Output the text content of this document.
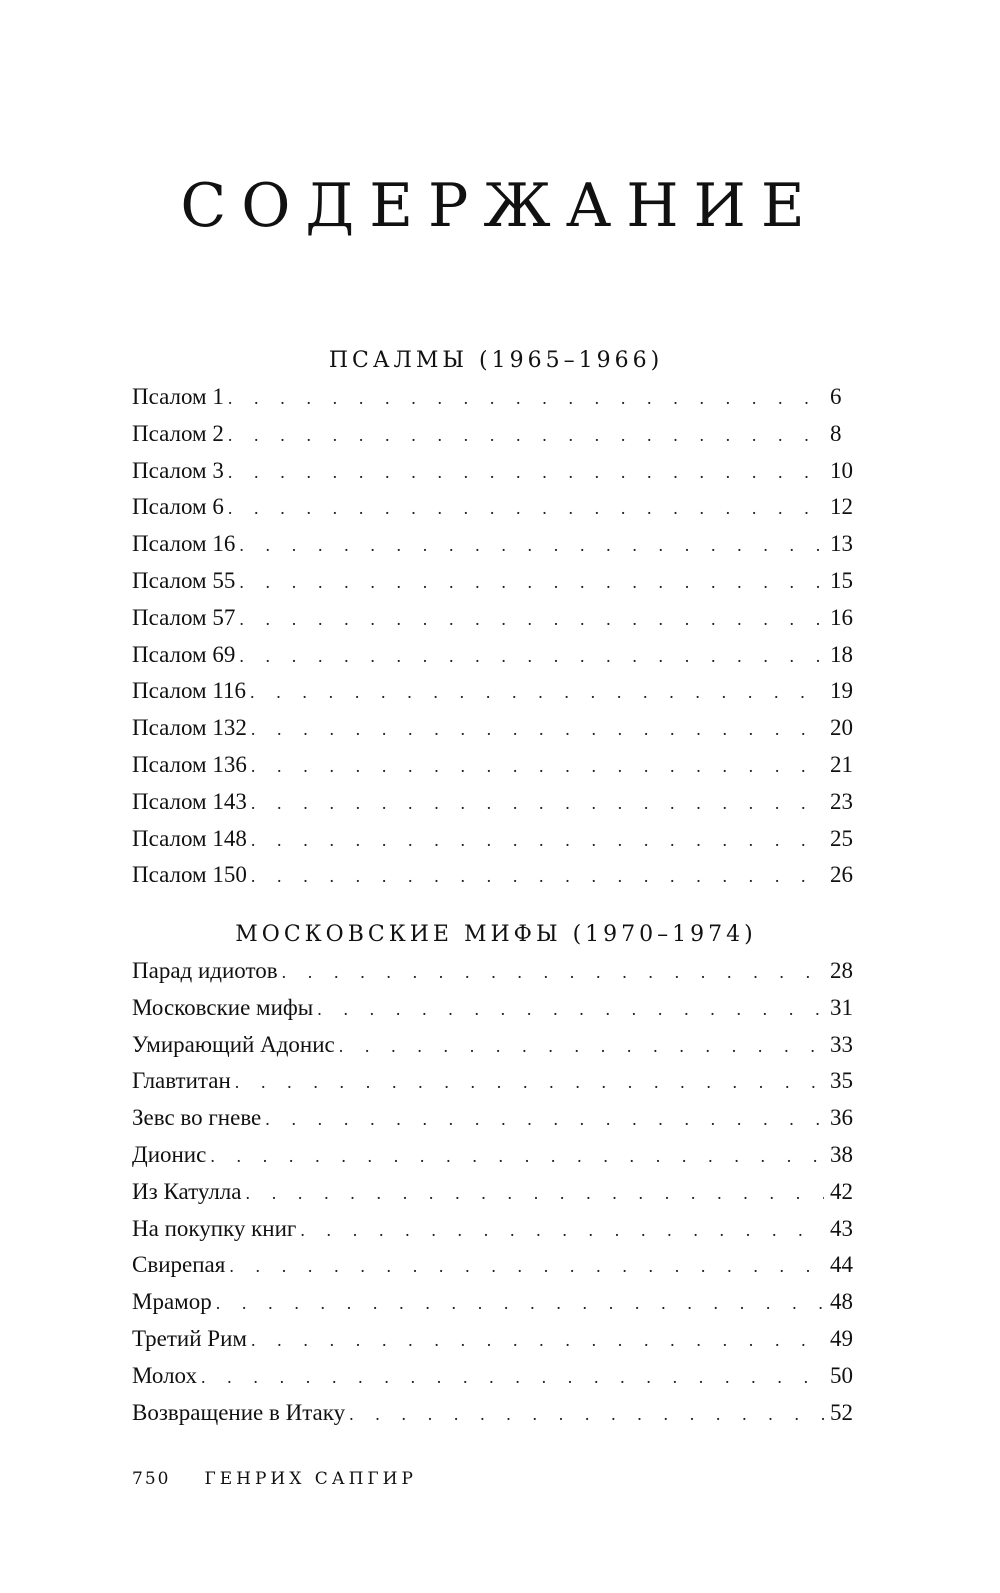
СОДЕРЖАНИЕ
ПСАЛМЫ (1965–1966)
Псалом 1 . . .	6
Псалом 2 . . .	8
Псалом 3 . . .	10
Псалом 6 . . .	12
Псалом 16 . . .	13
Псалом 55 . . .	15
Псалом 57 . . .	16
Псалом 69 . . .	18
Псалом 116 . . .	19
Псалом 132 . . .	20
Псалом 136 . . .	21
Псалом 143 . . .	23
Псалом 148 . . .	25
Псалом 150 . . .	26
МОСКОВСКИЕ МИФЫ (1970–1974)
Парад идиотов . . .	28
Московские мифы . . .	31
Умирающий Адонис . . .	33
Главтитан . . .	35
Зевс во гневе . . .	36
Дионис . . .	38
Из Катулла . . .	42
На покупку книг . . .	43
Свирепая . . .	44
Мрамор . . .	48
Третий Рим . . .	49
Молох . . .	50
Возвращение в Итаку . . .	52
750 ГЕНРИХ САПГИР
